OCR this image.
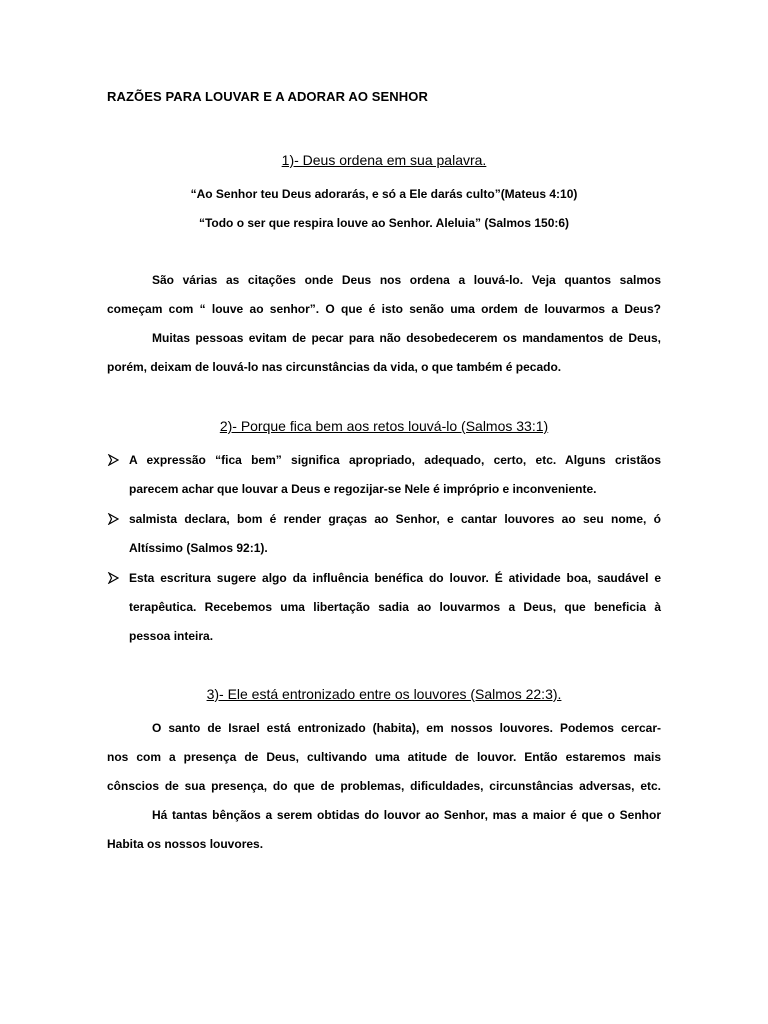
RAZÕES PARA LOUVAR E A ADORAR AO SENHOR
1)- Deus ordena em sua palavra.
“Ao Senhor teu Deus adorarás, e só a Ele darás culto”(Mateus 4:10)
“Todo o ser que respira louve ao Senhor. Aleluia” (Salmos 150:6)
São várias as citações onde Deus nos ordena a louvá-lo. Veja quantos salmos
começam com “ louve ao senhor”. O que é isto senão uma ordem de louvarmos a Deus?
Muitas pessoas evitam de pecar para não desobedecerem os mandamentos de Deus,
porém, deixam de louvá-lo nas circunstâncias da vida, o que também é pecado.
2)- Porque fica bem aos retos louvá-lo (Salmos 33:1)
A expressão “fica bem” significa apropriado, adequado, certo, etc. Alguns cristãos
parecem achar que louvar a Deus e regozijar-se Nele é impróprio e inconveniente.
salmista declara, bom é render graças ao Senhor, e cantar louvores ao seu nome, ó
Altíssimo (Salmos 92:1).
Esta escritura sugere algo da influência benéfica do louvor. É atividade boa, saudável e
terapêutica. Recebemos uma libertação sadia ao louvarmos a Deus, que beneficia à
pessoa inteira.
3)- Ele está entronizado entre os louvores (Salmos 22:3).
O santo de Israel está entronizado (habita), em nossos louvores. Podemos cercar-
nos com a presença de Deus, cultivando uma atitude de louvor. Então estaremos mais
cônscios de sua presença, do que de problemas, dificuldades, circunstâncias adversas, etc.
Há tantas bênçãos a serem obtidas do louvor ao Senhor, mas a maior é que o Senhor
Habita os nossos louvores.
